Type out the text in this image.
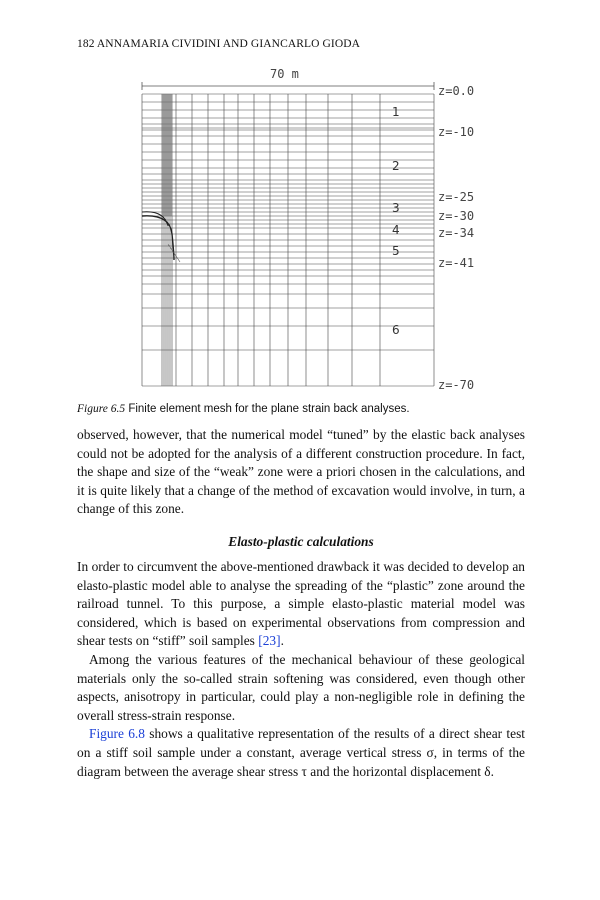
182 ANNAMARIA CIVIDINI AND GIANCARLO GIODA
70 m
1
2
3
4
5
6
z=0.0
z=-10
z=-25
z=-30
z=-34
z=-41
z=-70
Figure 6.5 Finite element mesh for the plane strain back analyses.

observed, however, that the numerical model “tuned” by the elastic back analyses could not be adopted for the analysis of a different construction procedure. In fact, the shape and size of the “weak” zone were a priori chosen in the calculations, and it is quite likely that a change of the method of excavation would involve, in turn, a change of this zone.

Elasto-plastic calculations

In order to circumvent the above-mentioned drawback it was decided to develop an elasto-plastic model able to analyse the spreading of the “plastic” zone around the railroad tunnel. To this purpose, a simple elasto-plastic material model was considered, which is based on experimental observations from compression and shear tests on “stiff” soil samples [23].

Among the various features of the mechanical behaviour of these geological materials only the so-called strain softening was considered, even though other aspects, anisotropy in particular, could play a non-negligible role in defining the overall stress-strain response.

Figure 6.8 shows a qualitative representation of the results of a direct shear test on a stiff soil sample under a constant, average vertical stress σ, in terms of the diagram between the average shear stress τ and the horizontal displacement δ.
